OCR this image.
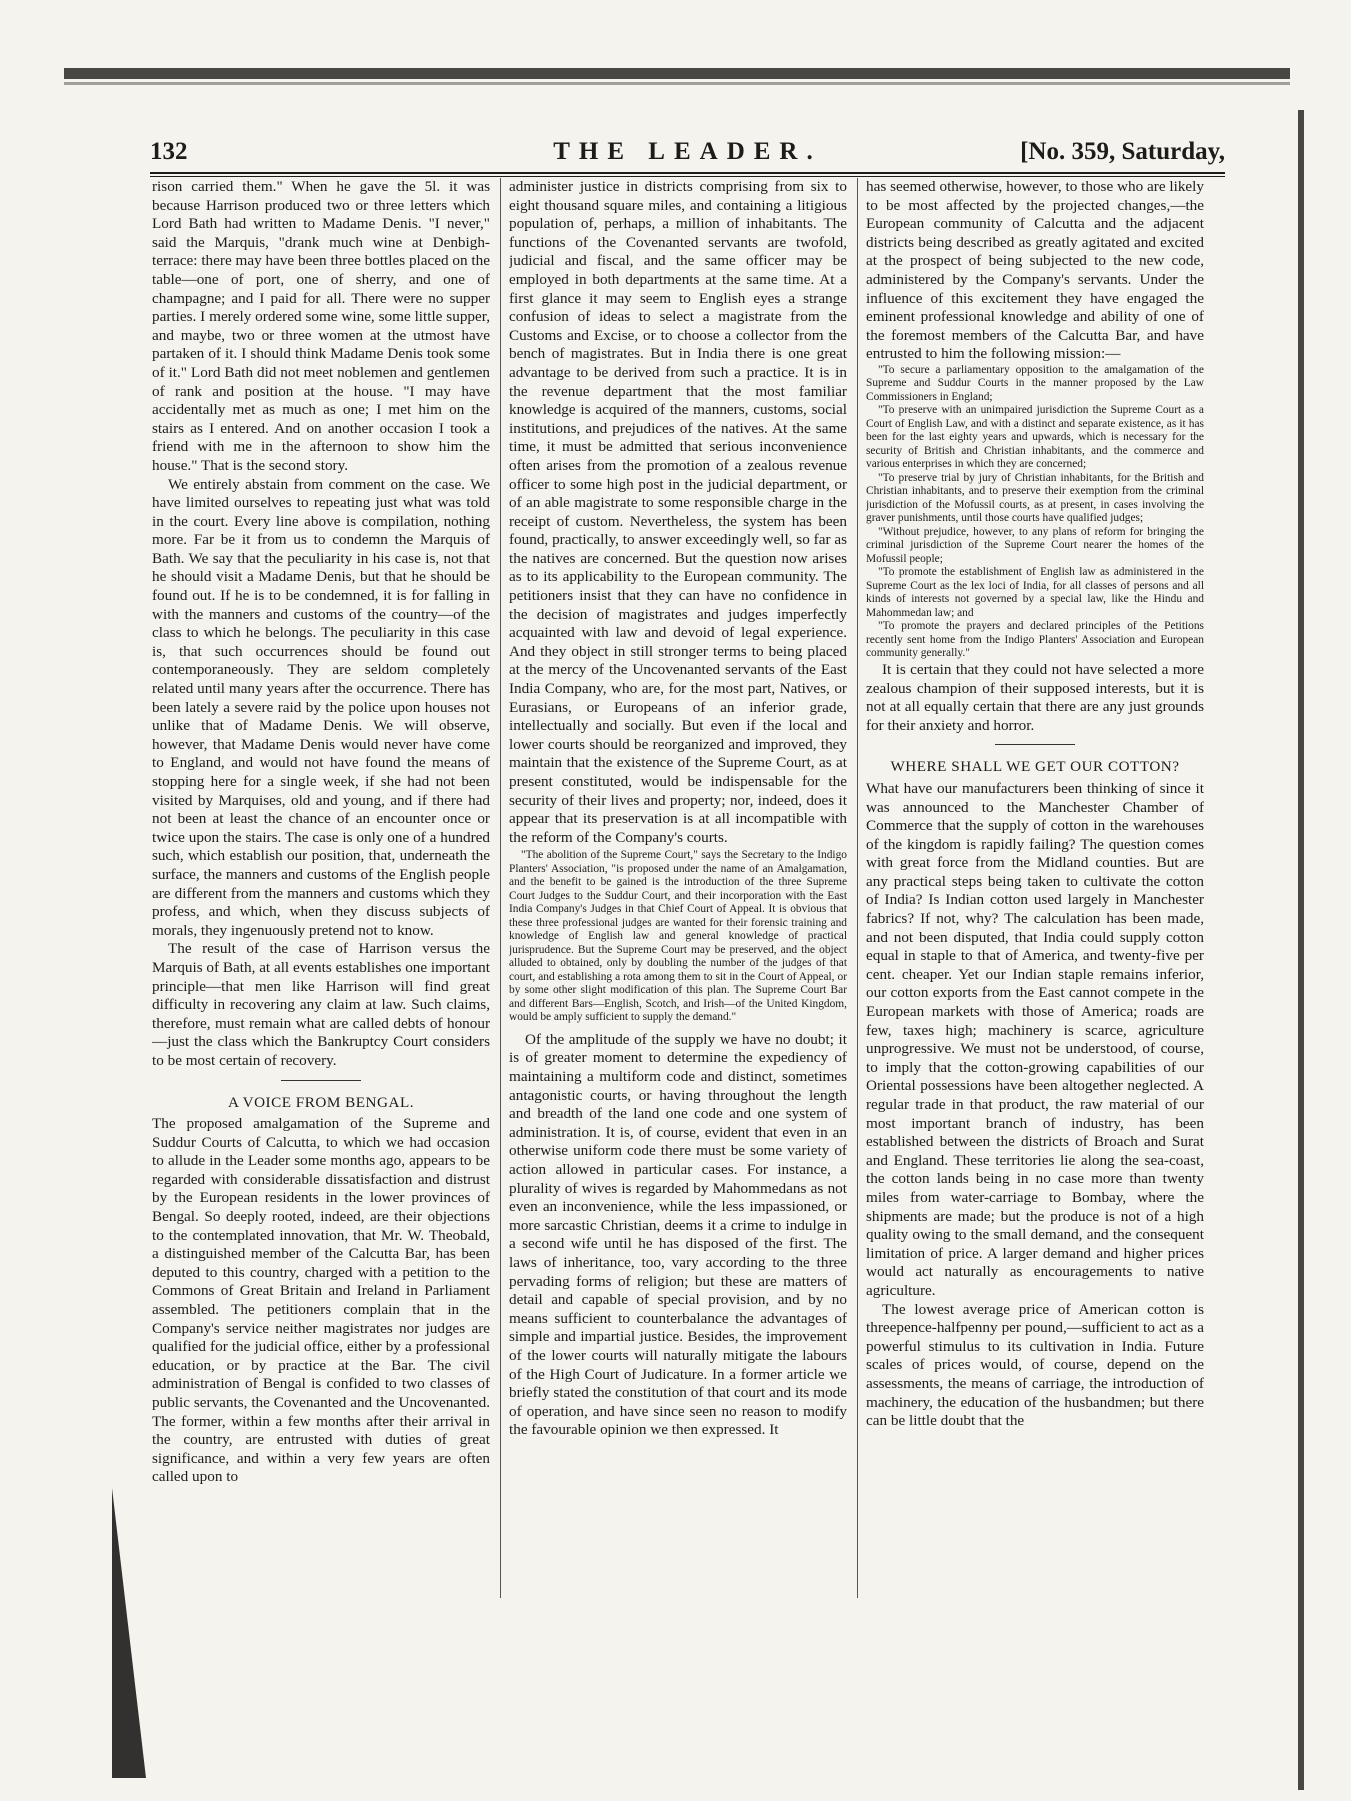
132	THE LEADER.	[No. 359, Saturday,

rison carried them." When he gave the 5l. it was because Harrison produced two or three letters which Lord Bath had written to Madame Denis. "I never," said the Marquis, "drank much wine at Denbigh-terrace: there may have been three bottles placed on the table—one of port, one of sherry, and one of champagne; and I paid for all. There were no supper parties. I merely ordered some wine, some little supper, and maybe, two or three women at the utmost have partaken of it. I should think Madame Denis took some of it." Lord Bath did not meet noblemen and gentlemen of rank and position at the house. "I may have accidentally met as much as one; I met him on the stairs as I entered. And on another occasion I took a friend with me in the afternoon to show him the house." That is the second story.

We entirely abstain from comment on the case. We have limited ourselves to repeating just what was told in the court. Every line above is compilation, nothing more. Far be it from us to condemn the Marquis of Bath. We say that the peculiarity in his case is, not that he should visit a Madame Denis, but that he should be found out. If he is to be condemned, it is for falling in with the manners and customs of the country—of the class to which he belongs. The peculiarity in this case is, that such occurrences should be found out contemporaneously. They are seldom completely related until many years after the occurrence. There has been lately a severe raid by the police upon houses not unlike that of Madame Denis. We will observe, however, that Madame Denis would never have come to England, and would not have found the means of stopping here for a single week, if she had not been visited by Marquises, old and young, and if there had not been at least the chance of an encounter once or twice upon the stairs. The case is only one of a hundred such, which establish our position, that, underneath the surface, the manners and customs of the English people are different from the manners and customs which they profess, and which, when they discuss subjects of morals, they ingenuously pretend not to know.

The result of the case of Harrison versus the Marquis of Bath, at all events establishes one important principle—that men like Harrison will find great difficulty in recovering any claim at law. Such claims, therefore, must remain what are called debts of honour—just the class which the Bankruptcy Court considers to be most certain of recovery.

A VOICE FROM BENGAL.

The proposed amalgamation of the Supreme and Suddur Courts of Calcutta, to which we had occasion to allude in the Leader some months ago, appears to be regarded with considerable dissatisfaction and distrust by the European residents in the lower provinces of Bengal. So deeply rooted, indeed, are their objections to the contemplated innovation, that Mr. W. Theobald, a distinguished member of the Calcutta Bar, has been deputed to this country, charged with a petition to the Commons of Great Britain and Ireland in Parliament assembled. The petitioners complain that in the Company's service neither magistrates nor judges are qualified for the judicial office, either by a professional education, or by practice at the Bar. The civil administration of Bengal is confided to two classes of public servants, the Covenanted and the Uncovenanted. The former, within a few months after their arrival in the country, are entrusted with duties of great significance, and within a very few years are often called upon to

administer justice in districts comprising from six to eight thousand square miles, and containing a litigious population of, perhaps, a million of inhabitants. The functions of the Covenanted servants are twofold, judicial and fiscal, and the same officer may be employed in both departments at the same time. At a first glance it may seem to English eyes a strange confusion of ideas to select a magistrate from the Customs and Excise, or to choose a collector from the bench of magistrates. But in India there is one great advantage to be derived from such a practice. It is in the revenue department that the most familiar knowledge is acquired of the manners, customs, social institutions, and prejudices of the natives. At the same time, it must be admitted that serious inconvenience often arises from the promotion of a zealous revenue officer to some high post in the judicial department, or of an able magistrate to some responsible charge in the receipt of custom. Nevertheless, the system has been found, practically, to answer exceedingly well, so far as the natives are concerned. But the question now arises as to its applicability to the European community. The petitioners insist that they can have no confidence in the decision of magistrates and judges imperfectly acquainted with law and devoid of legal experience. And they object in still stronger terms to being placed at the mercy of the Uncovenanted servants of the East India Company, who are, for the most part, Natives, or Eurasians, or Europeans of an inferior grade, intellectually and socially. But even if the local and lower courts should be reorganized and improved, they maintain that the existence of the Supreme Court, as at present constituted, would be indispensable for the security of their lives and property; nor, indeed, does it appear that its preservation is at all incompatible with the reform of the Company's courts.

"The abolition of the Supreme Court," says the Secretary to the Indigo Planters' Association, "is proposed under the name of an Amalgamation, and the benefit to be gained is the introduction of the three Supreme Court Judges to the Suddur Court, and their incorporation with the East India Company's Judges in that Chief Court of Appeal. It is obvious that these three professional judges are wanted for their forensic training and knowledge of English law and general knowledge of practical jurisprudence. But the Supreme Court may be preserved, and the object alluded to obtained, only by doubling the number of the judges of that court, and establishing a rota among them to sit in the Court of Appeal, or by some other slight modification of this plan. The Supreme Court Bar and different Bars—English, Scotch, and Irish—of the United Kingdom, would be amply sufficient to supply the demand."

Of the amplitude of the supply we have no doubt; it is of greater moment to determine the expediency of maintaining a multiform code and distinct, sometimes antagonistic courts, or having throughout the length and breadth of the land one code and one system of administration. It is, of course, evident that even in an otherwise uniform code there must be some variety of action allowed in particular cases. For instance, a plurality of wives is regarded by Mahommedans as not even an inconvenience, while the less impassioned, or more sarcastic Christian, deems it a crime to indulge in a second wife until he has disposed of the first. The laws of inheritance, too, vary according to the three pervading forms of religion; but these are matters of detail and capable of special provision, and by no means sufficient to counterbalance the advantages of simple and impartial justice. Besides, the improvement of the lower courts will naturally mitigate the labours of the High Court of Judicature. In a former article we briefly stated the constitution of that court and its mode of operation, and have since seen no reason to modify the favourable opinion we then expressed. It

has seemed otherwise, however, to those who are likely to be most affected by the projected changes,—the European community of Calcutta and the adjacent districts being described as greatly agitated and excited at the prospect of being subjected to the new code, administered by the Company's servants. Under the influence of this excitement they have engaged the eminent professional knowledge and ability of one of the foremost members of the Calcutta Bar, and have entrusted to him the following mission:—

"To secure a parliamentary opposition to the amalgamation of the Supreme and Suddur Courts in the manner proposed by the Law Commissioners in England;

"To preserve with an unimpaired jurisdiction the Supreme Court as a Court of English Law, and with a distinct and separate existence, as it has been for the last eighty years and upwards, which is necessary for the security of British and Christian inhabitants, and the commerce and various enterprises in which they are concerned;

"To preserve trial by jury of Christian inhabitants, for the British and Christian inhabitants, and to preserve their exemption from the criminal jurisdiction of the Mofussil courts, as at present, in cases involving the graver punishments, until those courts have qualified judges;

"Without prejudice, however, to any plans of reform for bringing the criminal jurisdiction of the Supreme Court nearer the homes of the Mofussil people;

"To promote the establishment of English law as administered in the Supreme Court as the lex loci of India, for all classes of persons and all kinds of interests not governed by a special law, like the Hindu and Mahommedan law; and

"To promote the prayers and declared principles of the Petitions recently sent home from the Indigo Planters' Association and European community generally."

It is certain that they could not have selected a more zealous champion of their supposed interests, but it is not at all equally certain that there are any just grounds for their anxiety and horror.

WHERE SHALL WE GET OUR COTTON?

What have our manufacturers been thinking of since it was announced to the Manchester Chamber of Commerce that the supply of cotton in the warehouses of the kingdom is rapidly failing? The question comes with great force from the Midland counties. But are any practical steps being taken to cultivate the cotton of India? Is Indian cotton used largely in Manchester fabrics? If not, why? The calculation has been made, and not been disputed, that India could supply cotton equal in staple to that of America, and twenty-five per cent. cheaper. Yet our Indian staple remains inferior, our cotton exports from the East cannot compete in the European markets with those of America; roads are few, taxes high; machinery is scarce, agriculture unprogressive. We must not be understood, of course, to imply that the cotton-growing capabilities of our Oriental possessions have been altogether neglected. A regular trade in that product, the raw material of our most important branch of industry, has been established between the districts of Broach and Surat and England. These territories lie along the sea-coast, the cotton lands being in no case more than twenty miles from water-carriage to Bombay, where the shipments are made; but the produce is not of a high quality owing to the small demand, and the consequent limitation of price. A larger demand and higher prices would act naturally as encouragements to native agriculture.

The lowest average price of American cotton is threepence-halfpenny per pound,—sufficient to act as a powerful stimulus to its cultivation in India. Future scales of prices would, of course, depend on the assessments, the means of carriage, the introduction of machinery, the education of the husbandmen; but there can be little doubt that the
